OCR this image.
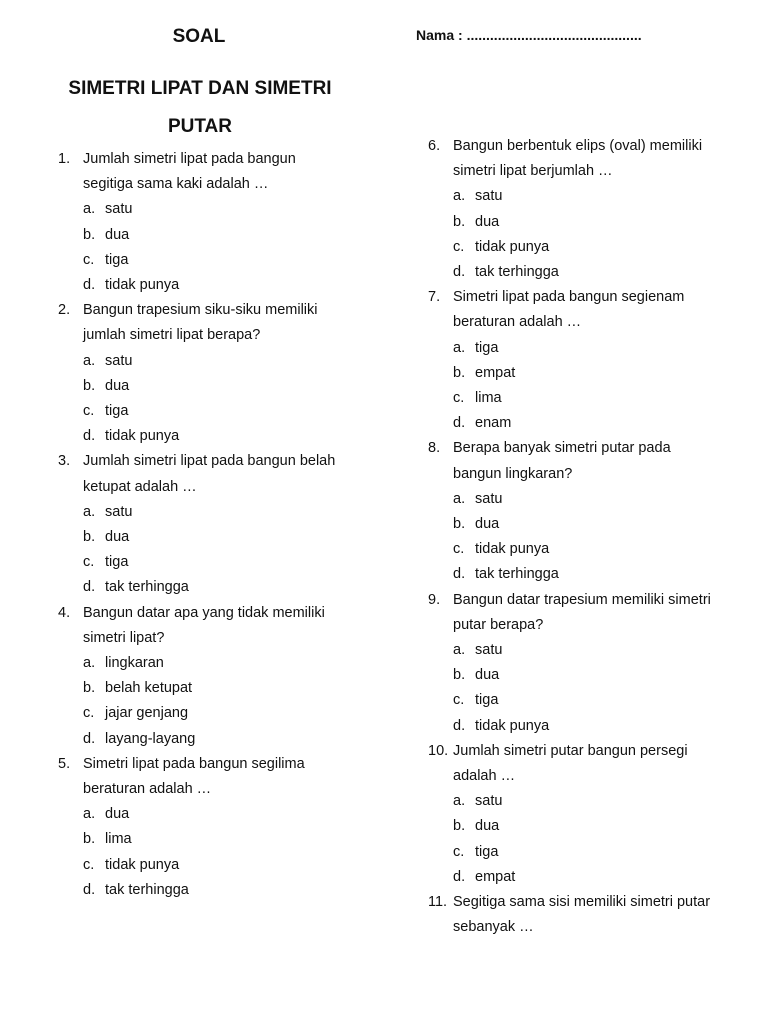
SOAL
SIMETRI LIPAT DAN SIMETRI
PUTAR
Nama : .............................................
1. Jumlah simetri lipat pada bangun
segitiga sama kaki adalah …
a. satu
b. dua
c. tiga
d. tidak punya
2. Bangun trapesium siku-siku memiliki
jumlah simetri lipat berapa?
a. satu
b. dua
c. tiga
d. tidak punya
3. Jumlah simetri lipat pada bangun belah
ketupat adalah …
a. satu
b. dua
c. tiga
d. tak terhingga
4. Bangun datar apa yang tidak memiliki
simetri lipat?
a. lingkaran
b. belah ketupat
c. jajar genjang
d. layang-layang
5. Simetri lipat pada bangun segilima
beraturan adalah …
a. dua
b. lima
c. tidak punya
d. tak terhingga
6. Bangun berbentuk elips (oval) memiliki
simetri lipat berjumlah …
a. satu
b. dua
c. tidak punya
d. tak terhingga
7. Simetri lipat pada bangun segienam
beraturan adalah …
a. tiga
b. empat
c. lima
d. enam
8. Berapa banyak simetri putar pada
bangun lingkaran?
a. satu
b. dua
c. tidak punya
d. tak terhingga
9. Bangun datar trapesium memiliki simetri
putar berapa?
a. satu
b. dua
c. tiga
d. tidak punya
10. Jumlah simetri putar bangun persegi
adalah …
a. satu
b. dua
c. tiga
d. empat
11. Segitiga sama sisi memiliki simetri putar
sebanyak …
